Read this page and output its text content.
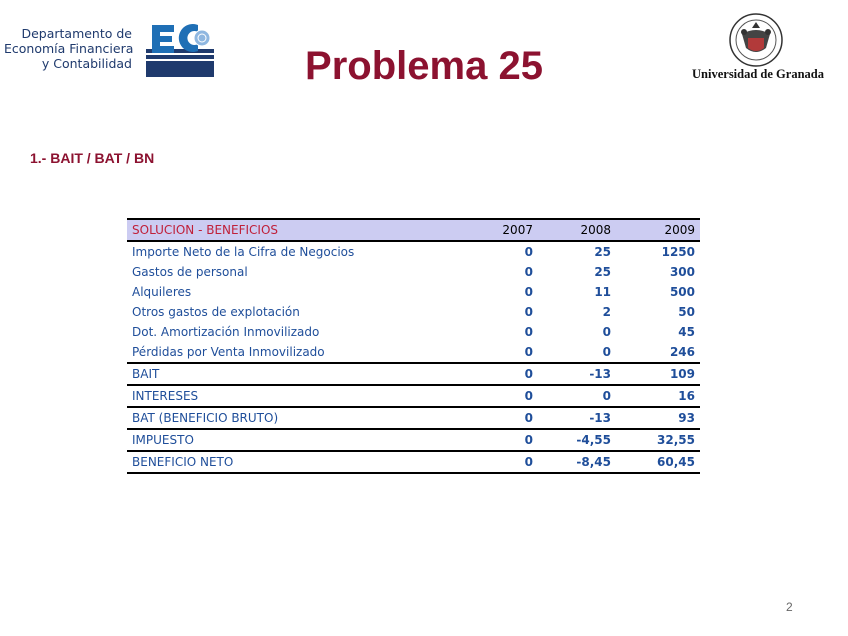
Departamento de
Economía Financiera
y Contabilidad	Problema 25	Universidad de Granada
1.- BAIT / BAT / BN
SOLUCION - BENEFICIOS	2007	2008	2009
Importe Neto de la Cifra de Negocios	0	25	1250
Gastos de personal	0	25	300
Alquileres	0	11	500
Otros gastos de explotación	0	2	50
Dot. Amortización Inmovilizado	0	0	45
Pérdidas por Venta Inmovilizado	0	0	246
BAIT	0	-13	109
INTERESES	0	0	16
BAT (BENEFICIO BRUTO)	0	-13	93
IMPUESTO	0	-4,55	32,55
BENEFICIO NETO	0	-8,45	60,45
2
